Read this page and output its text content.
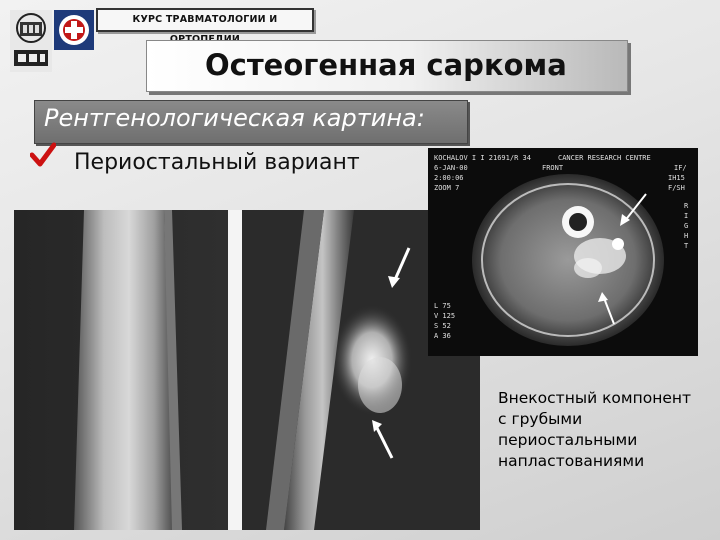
КУРС ТРАВМАТОЛОГИИ И
Остеогенная саркома
Рентгенологическая картина:
Периостальный вариант	KOCHALOV I I 21691/R 34
6-JAN-00
2:00:06
ZOOM 7
CANCER RESEARCH CENTRE
FRONT	IF/
IH15
F/SH
R
I
G
H
T
L 75
V 125
S 52
A 36
Внекостный компонент
с грубыми
периостальными
напластованиями
